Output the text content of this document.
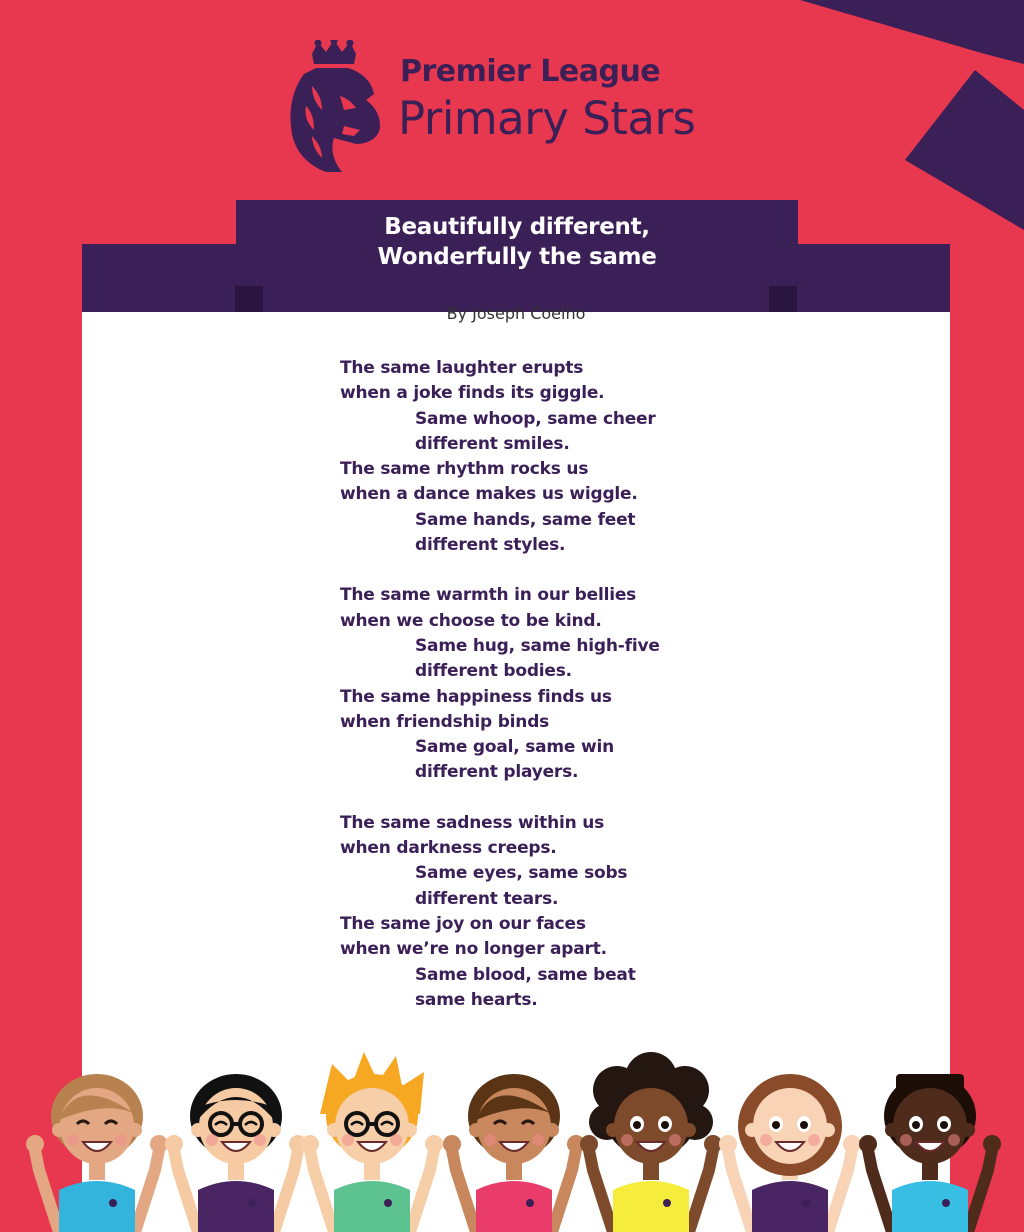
Premier League
Primary Stars
Beautifully different,
Wonderfully the same
By Joseph Coelho
The same laughter erupts
when a joke finds its giggle.
Same whoop, same cheer
different smiles.
The same rhythm rocks us
when a dance makes us wiggle.
Same hands, same feet
different styles.
The same warmth in our bellies
when we choose to be kind.
Same hug, same high-five
different bodies.
The same happiness finds us
when friendship binds
Same goal, same win
different players.
The same sadness within us
when darkness creeps.
Same eyes, same sobs
different tears.
The same joy on our faces
when we’re no longer apart.
Same blood, same beat
same hearts.
